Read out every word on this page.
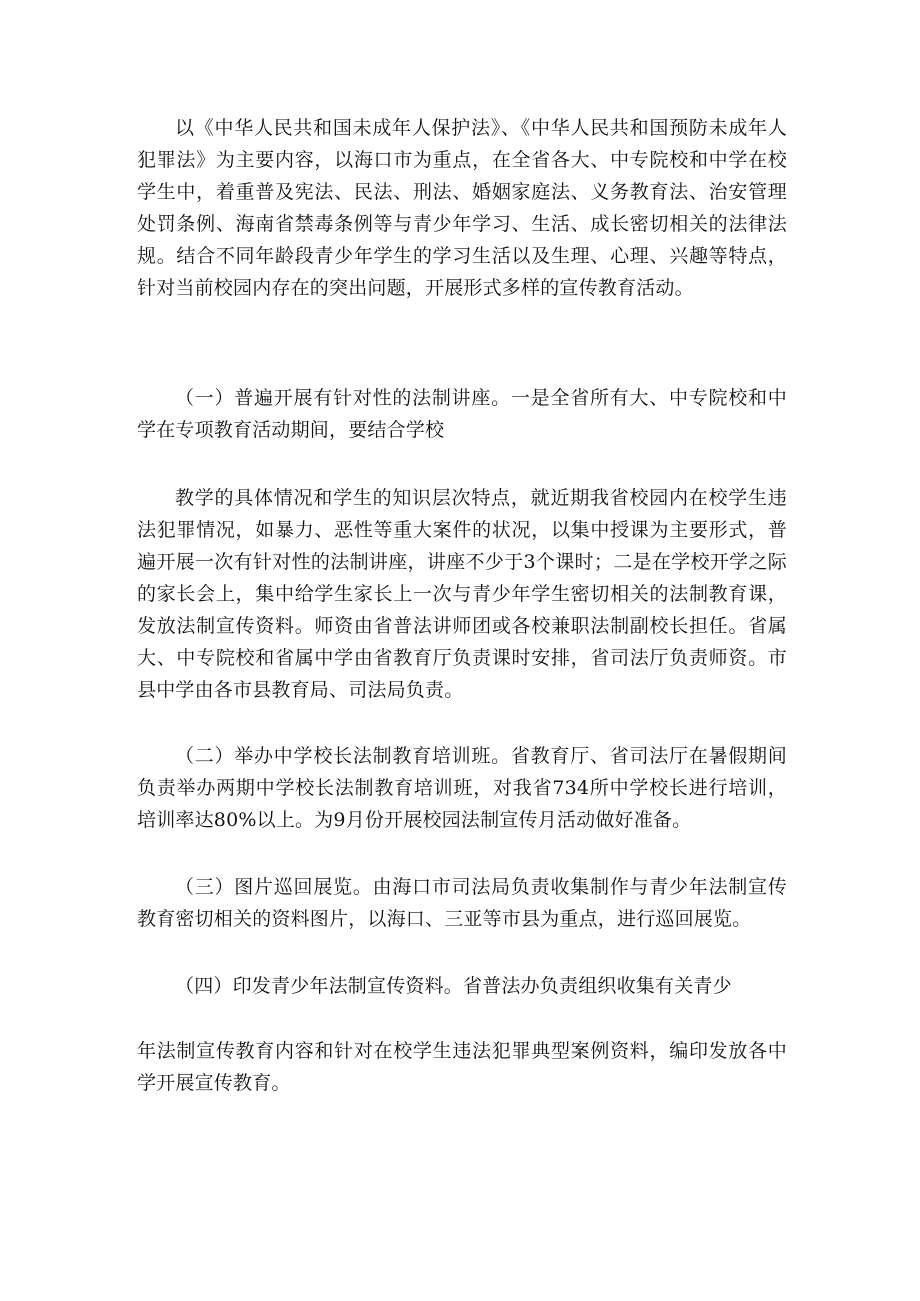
以《中华人民共和国未成年人保护法》、《中华人民共和国预防未成年人犯罪法》为主要内容，以海口市为重点，在全省各大、中专院校和中学在校学生中，着重普及宪法、民法、刑法、婚姻家庭法、义务教育法、治安管理处罚条例、海南省禁毒条例等与青少年学习、生活、成长密切相关的法律法规。结合不同年龄段青少年学生的学习生活以及生理、心理、兴趣等特点，针对当前校园内存在的突出问题，开展形式多样的宣传教育活动。

（一）普遍开展有针对性的法制讲座。一是全省所有大、中专院校和中学在专项教育活动期间，要结合学校

教学的具体情况和学生的知识层次特点，就近期我省校园内在校学生违法犯罪情况，如暴力、恶性等重大案件的状况，以集中授课为主要形式，普遍开展一次有针对性的法制讲座，讲座不少于3个课时；二是在学校开学之际的家长会上，集中给学生家长上一次与青少年学生密切相关的法制教育课，发放法制宣传资料。师资由省普法讲师团或各校兼职法制副校长担任。省属大、中专院校和省属中学由省教育厅负责课时安排，省司法厅负责师资。市县中学由各市县教育局、司法局负责。

（二）举办中学校长法制教育培训班。省教育厅、省司法厅在暑假期间负责举办两期中学校长法制教育培训班，对我省734所中学校长进行培训，培训率达80%以上。为9月份开展校园法制宣传月活动做好准备。

（三）图片巡回展览。由海口市司法局负责收集制作与青少年法制宣传教育密切相关的资料图片，以海口、三亚等市县为重点，进行巡回展览。

（四）印发青少年法制宣传资料。省普法办负责组织收集有关青少

年法制宣传教育内容和针对在校学生违法犯罪典型案例资料，编印发放各中学开展宣传教育。
